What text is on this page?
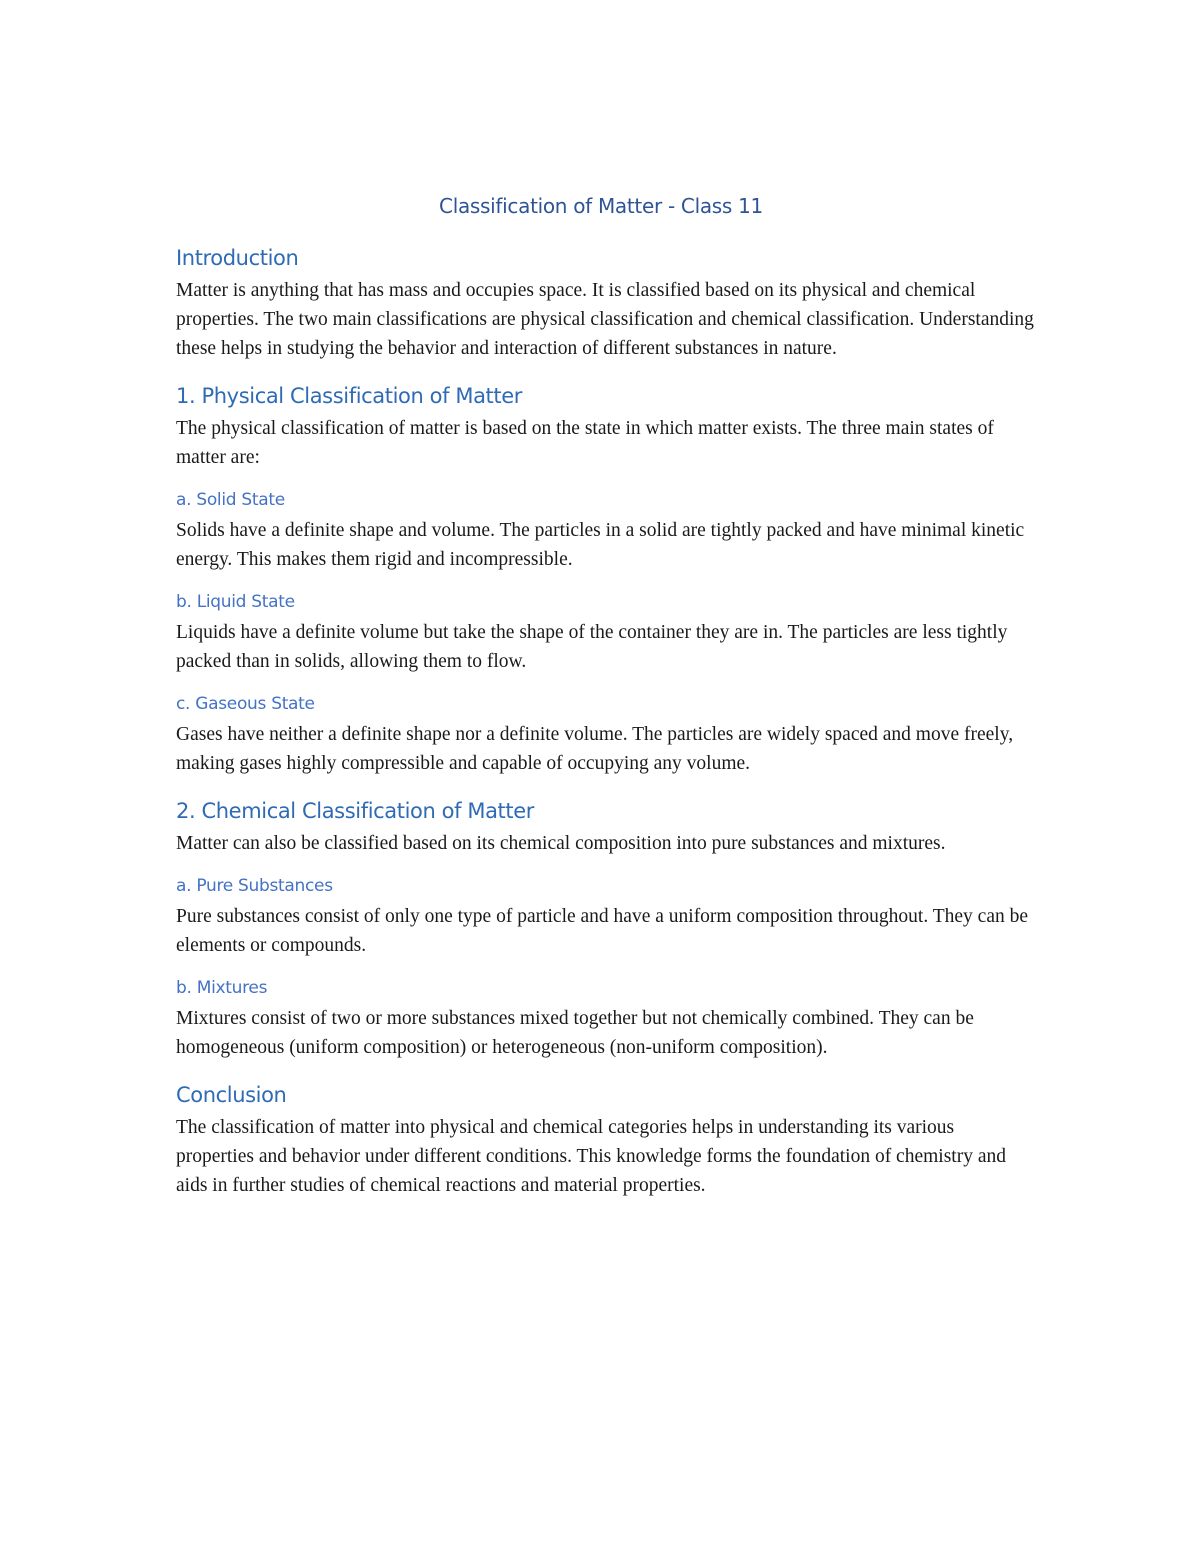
Classification of Matter - Class 11
Introduction

Matter is anything that has mass and occupies space. It is classified based on its physical and chemical properties. The two main classifications are physical classification and chemical classification. Understanding these helps in studying the behavior and interaction of different substances in nature.

1. Physical Classification of Matter

The physical classification of matter is based on the state in which matter exists. The three main states of matter are:

a. Solid State

Solids have a definite shape and volume. The particles in a solid are tightly packed and have minimal kinetic energy. This makes them rigid and incompressible.

b. Liquid State

Liquids have a definite volume but take the shape of the container they are in. The particles are less tightly packed than in solids, allowing them to flow.

c. Gaseous State

Gases have neither a definite shape nor a definite volume. The particles are widely spaced and move freely, making gases highly compressible and capable of occupying any volume.

2. Chemical Classification of Matter

Matter can also be classified based on its chemical composition into pure substances and mixtures.

a. Pure Substances

Pure substances consist of only one type of particle and have a uniform composition throughout. They can be elements or compounds.

b. Mixtures

Mixtures consist of two or more substances mixed together but not chemically combined. They can be homogeneous (uniform composition) or heterogeneous (non-uniform composition).

Conclusion

The classification of matter into physical and chemical categories helps in understanding its various properties and behavior under different conditions. This knowledge forms the foundation of chemistry and aids in further studies of chemical reactions and material properties.
